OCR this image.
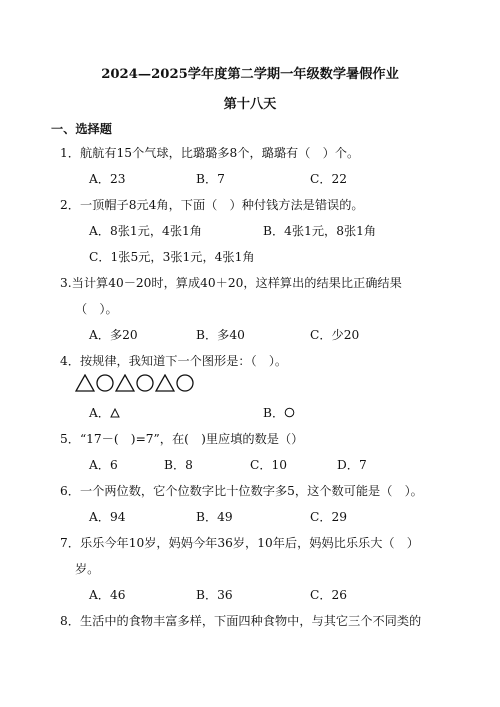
2024—2025学年度第二学期一年级数学暑假作业
第十八天
一、选择题
1．航航有15个气球，比璐璐多8个，璐璐有（　）个。
A．23	B．7	C．22
2．一顶帽子8元4角，下面（　）种付钱方法是错误的。
A．8张1元，4张1角	B．4张1元，8张1角
C．1张5元，3张1元，4张1角
3.当计算40－20时，算成40＋20，这样算出的结果比正确结果
（　）。
A．多20	B．多40	C．少20
4．按规律，我知道下一个图形是：（　）。
A．	B．
5．“17－(　)=7”，在(　)里应填的数是（）
A．6	B．8	C．10	D．7
6．一个两位数，它个位数字比十位数字多5，这个数可能是（　）。
A．94	B．49	C．29
7．乐乐今年10岁，妈妈今年36岁，10年后，妈妈比乐乐大（　）
岁。
A．46	B．36	C．26
8．生活中的食物丰富多样，下面四种食物中，与其它三个不同类的
